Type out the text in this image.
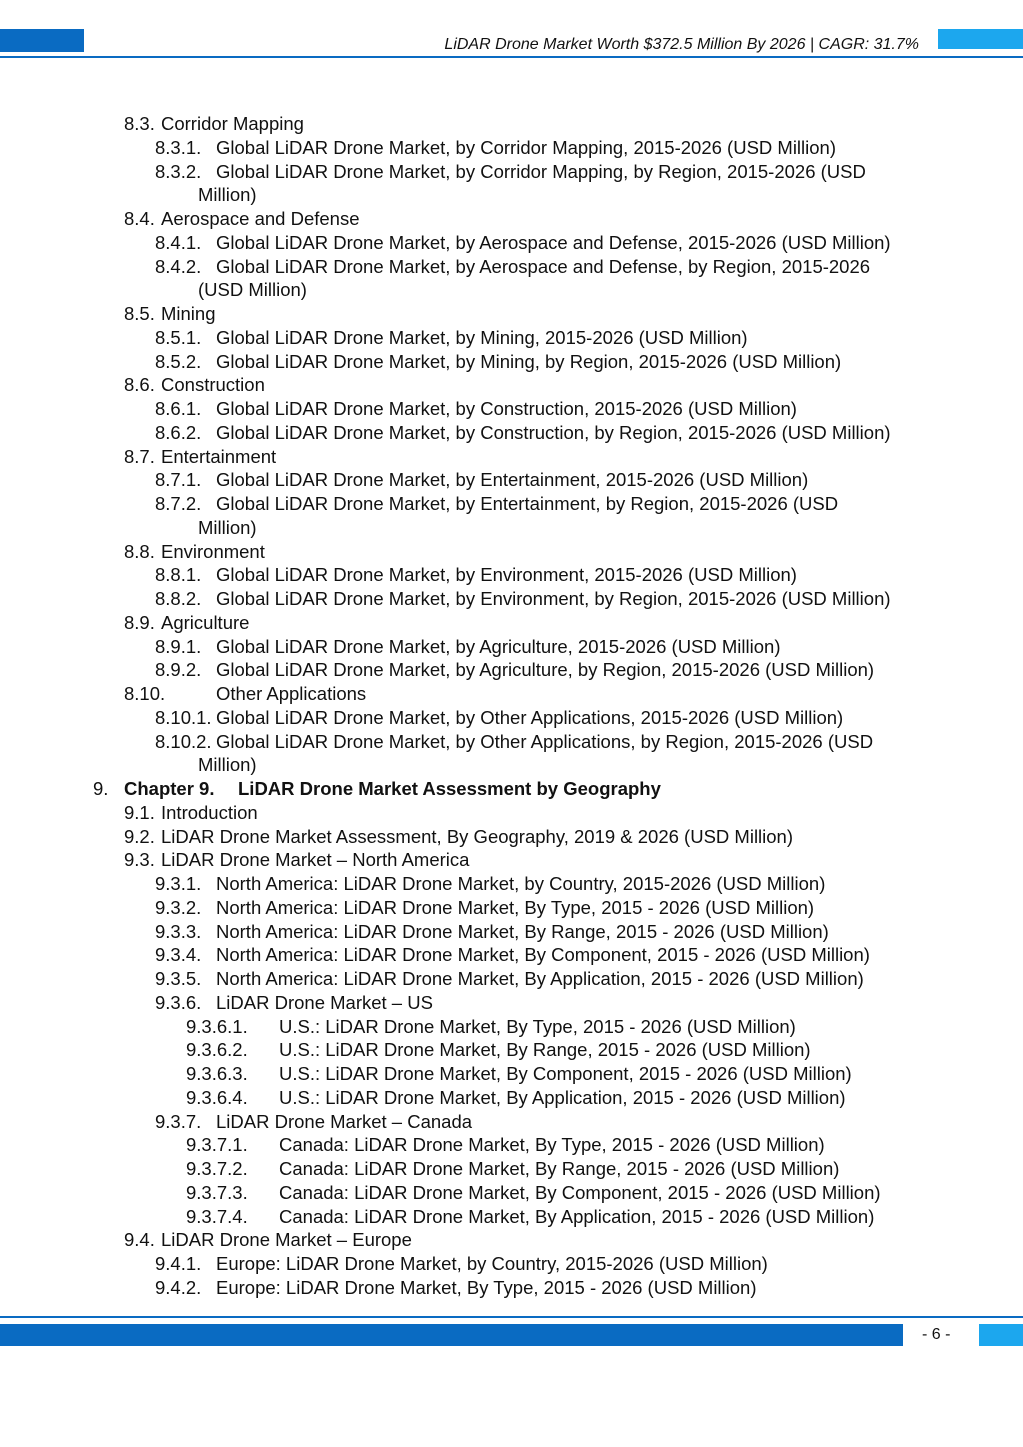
LiDAR Drone Market Worth $372.5 Million By 2026 | CAGR: 31.7%
8.3. Corridor Mapping
8.3.1. Global LiDAR Drone Market, by Corridor Mapping, 2015-2026 (USD Million)
8.3.2. Global LiDAR Drone Market, by Corridor Mapping, by Region, 2015-2026 (USD
Million)
8.4. Aerospace and Defense
8.4.1. Global LiDAR Drone Market, by Aerospace and Defense, 2015-2026 (USD Million)
8.4.2. Global LiDAR Drone Market, by Aerospace and Defense, by Region, 2015-2026
(USD Million)
8.5. Mining
8.5.1. Global LiDAR Drone Market, by Mining, 2015-2026 (USD Million)
8.5.2. Global LiDAR Drone Market, by Mining, by Region, 2015-2026 (USD Million)
8.6. Construction
8.6.1. Global LiDAR Drone Market, by Construction, 2015-2026 (USD Million)
8.6.2. Global LiDAR Drone Market, by Construction, by Region, 2015-2026 (USD Million)
8.7. Entertainment
8.7.1. Global LiDAR Drone Market, by Entertainment, 2015-2026 (USD Million)
8.7.2. Global LiDAR Drone Market, by Entertainment, by Region, 2015-2026 (USD
Million)
8.8. Environment
8.8.1. Global LiDAR Drone Market, by Environment, 2015-2026 (USD Million)
8.8.2. Global LiDAR Drone Market, by Environment, by Region, 2015-2026 (USD Million)
8.9. Agriculture
8.9.1. Global LiDAR Drone Market, by Agriculture, 2015-2026 (USD Million)
8.9.2. Global LiDAR Drone Market, by Agriculture, by Region, 2015-2026 (USD Million)
8.10.	Other Applications
8.10.1. Global LiDAR Drone Market, by Other Applications, 2015-2026 (USD Million)
8.10.2. Global LiDAR Drone Market, by Other Applications, by Region, 2015-2026 (USD
Million)
9. Chapter 9. LiDAR Drone Market Assessment by Geography
9.1. Introduction
9.2. LiDAR Drone Market Assessment, By Geography, 2019 & 2026 (USD Million)
9.3. LiDAR Drone Market – North America
9.3.1. North America: LiDAR Drone Market, by Country, 2015-2026 (USD Million)
9.3.2. North America: LiDAR Drone Market, By Type, 2015 - 2026 (USD Million)
9.3.3. North America: LiDAR Drone Market, By Range, 2015 - 2026 (USD Million)
9.3.4. North America: LiDAR Drone Market, By Component, 2015 - 2026 (USD Million)
9.3.5. North America: LiDAR Drone Market, By Application, 2015 - 2026 (USD Million)
9.3.6. LiDAR Drone Market – US
9.3.6.1. U.S.: LiDAR Drone Market, By Type, 2015 - 2026 (USD Million)
9.3.6.2. U.S.: LiDAR Drone Market, By Range, 2015 - 2026 (USD Million)
9.3.6.3. U.S.: LiDAR Drone Market, By Component, 2015 - 2026 (USD Million)
9.3.6.4. U.S.: LiDAR Drone Market, By Application, 2015 - 2026 (USD Million)
9.3.7. LiDAR Drone Market – Canada
9.3.7.1. Canada: LiDAR Drone Market, By Type, 2015 - 2026 (USD Million)
9.3.7.2. Canada: LiDAR Drone Market, By Range, 2015 - 2026 (USD Million)
9.3.7.3. Canada: LiDAR Drone Market, By Component, 2015 - 2026 (USD Million)
9.3.7.4. Canada: LiDAR Drone Market, By Application, 2015 - 2026 (USD Million)
9.4. LiDAR Drone Market – Europe
9.4.1. Europe: LiDAR Drone Market, by Country, 2015-2026 (USD Million)
9.4.2. Europe: LiDAR Drone Market, By Type, 2015 - 2026 (USD Million)
- 6 -
